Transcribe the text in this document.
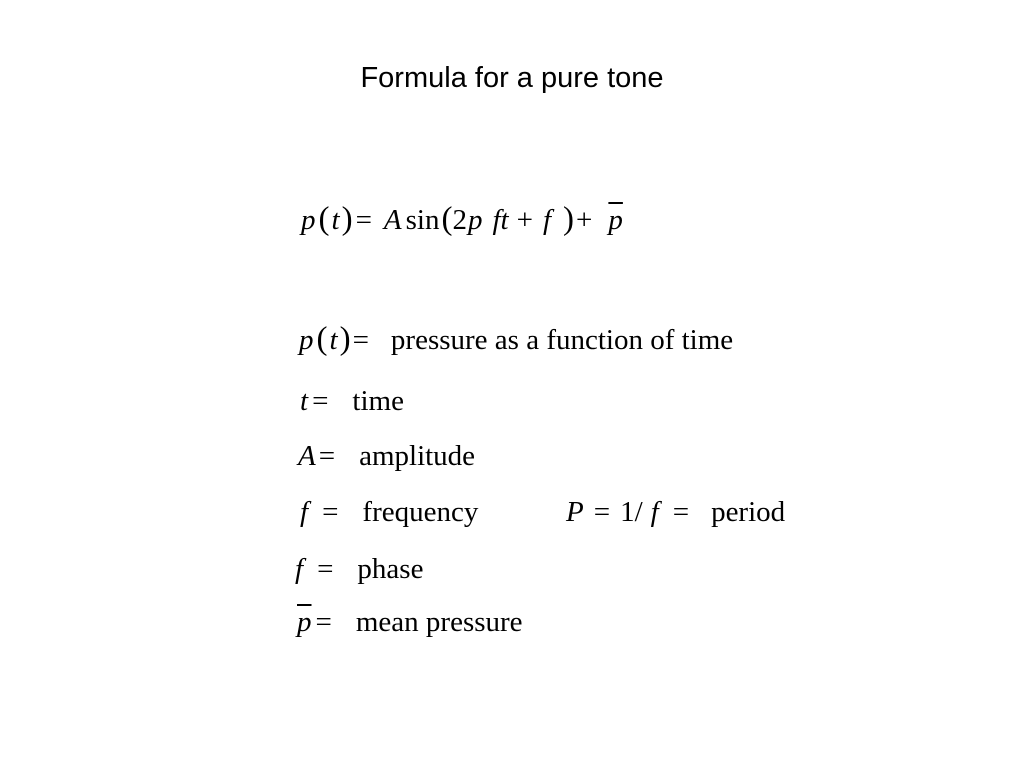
Formula for a pure tone
p(t) = A sin(2p ft + f )+ $\overline{p}$
p(t)= pressure as a function of time
t = time
A = amplitude
f = frequency	P = 1/ f = period
f = phase
$\overline{p}$ = mean pressure
